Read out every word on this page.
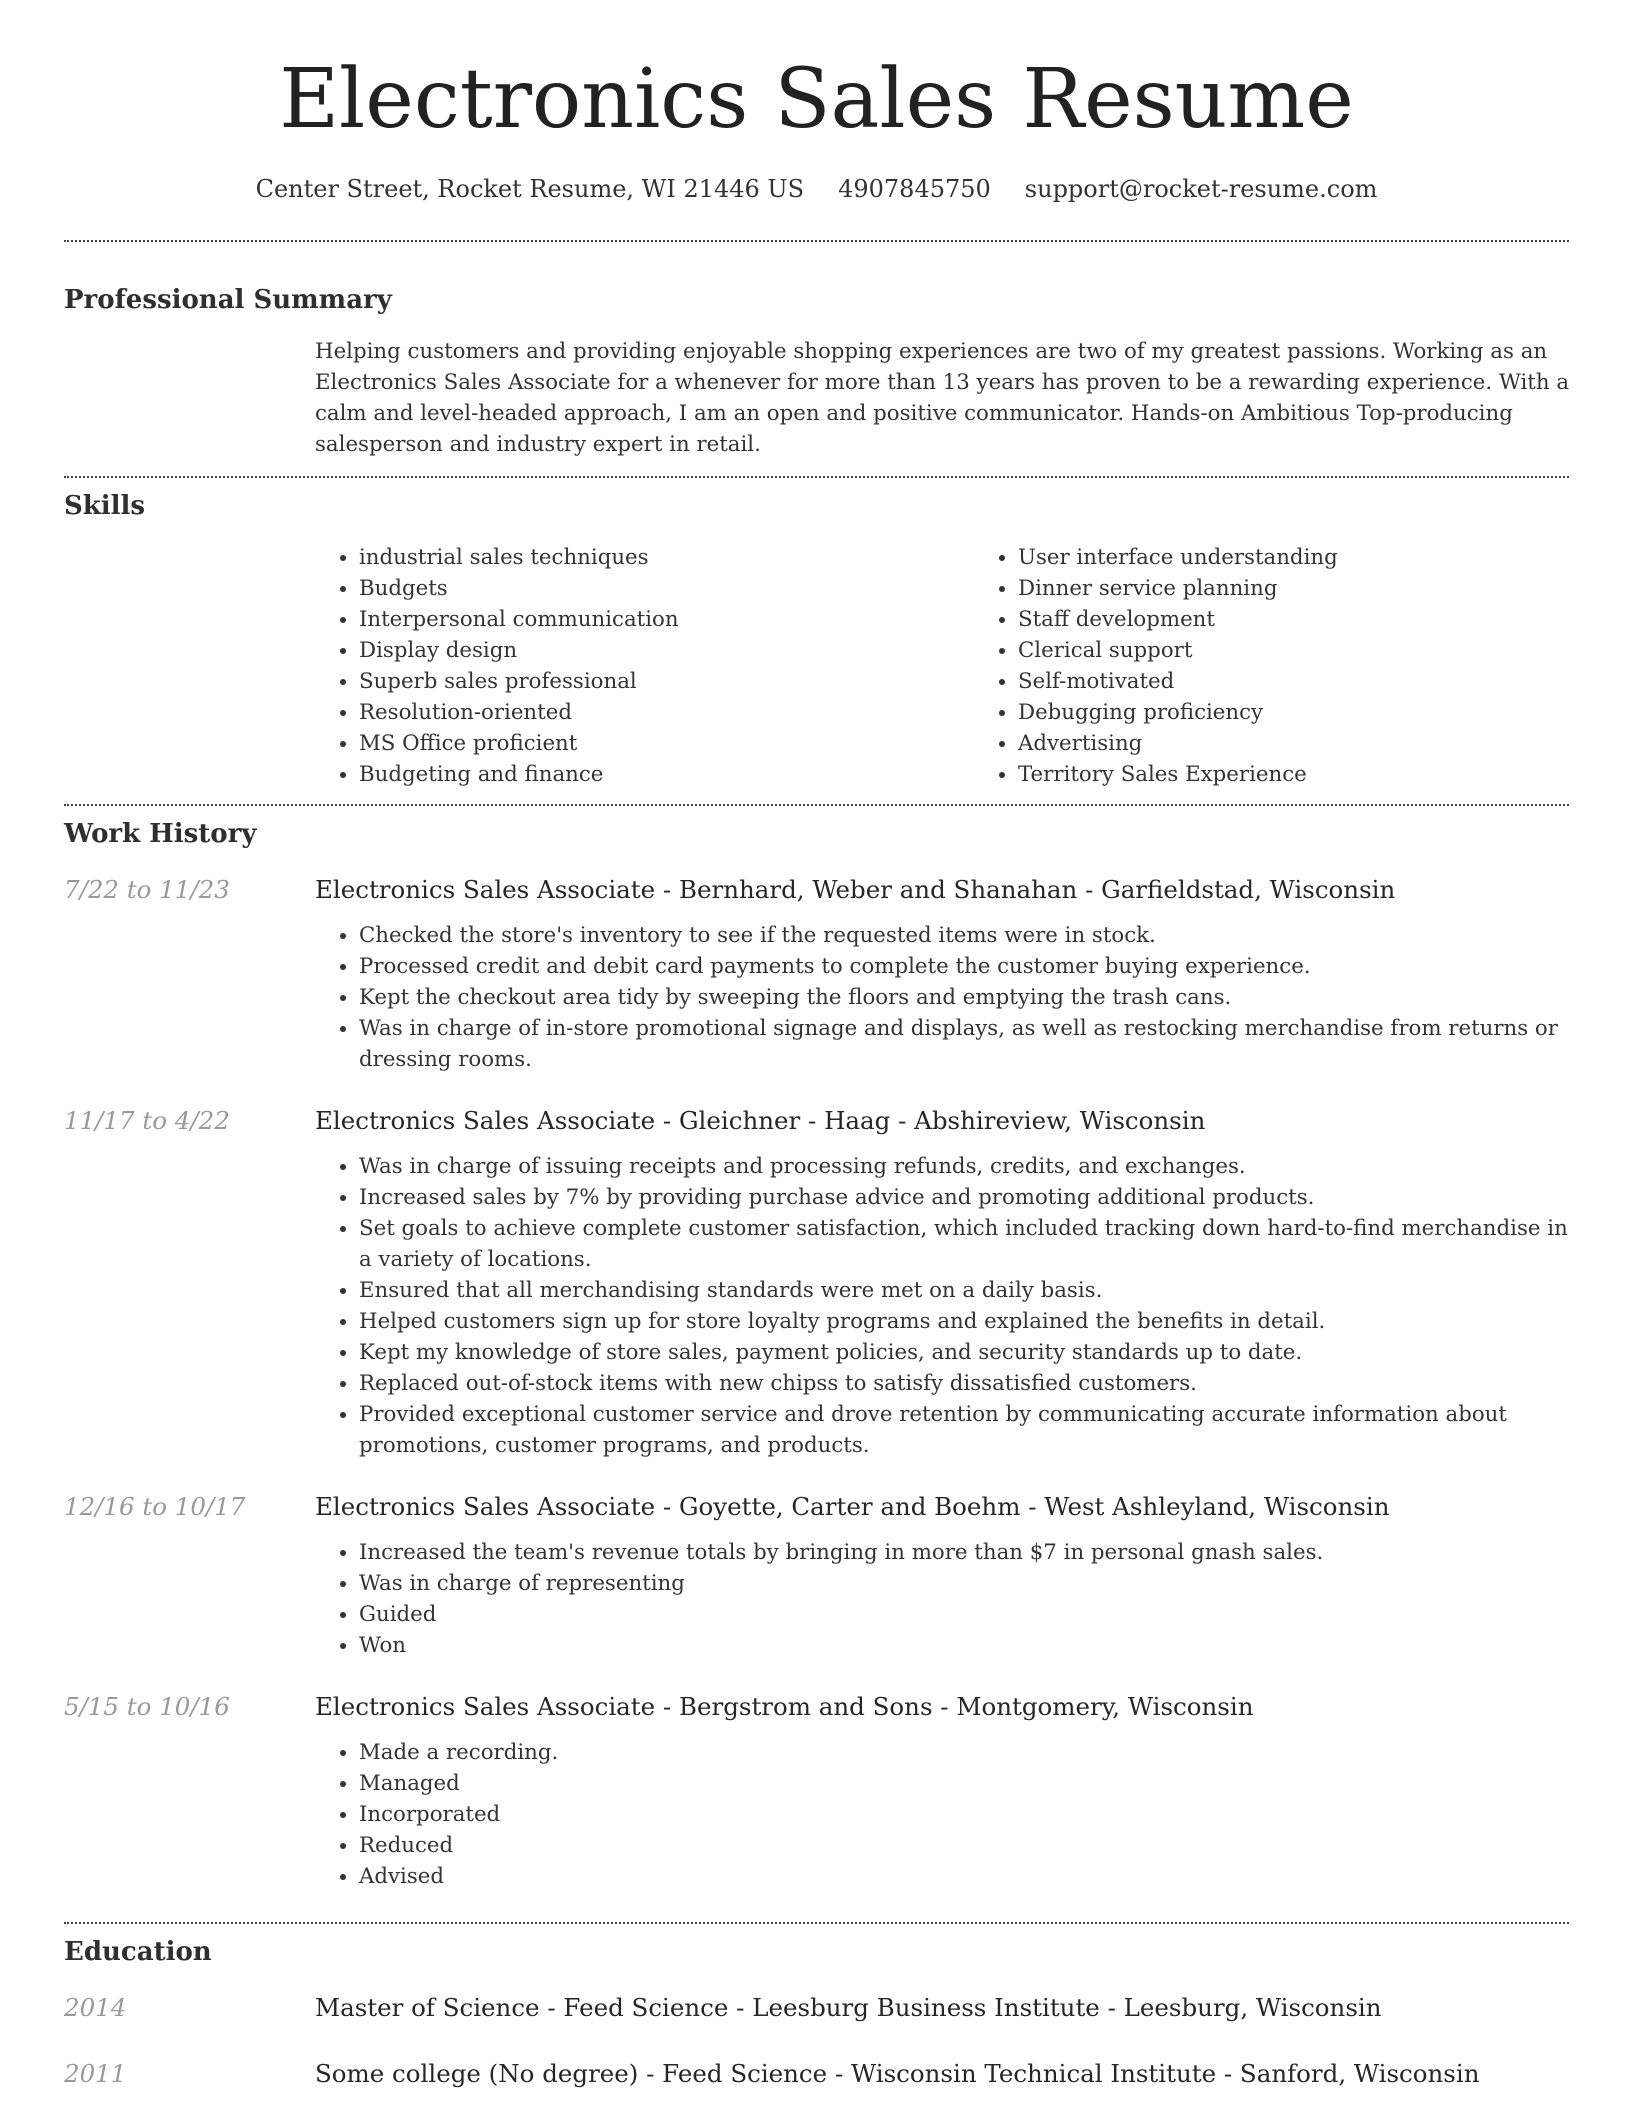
Electronics Sales Resume
Center Street, Rocket Resume, WI 21446 US 4907845750 support@rocket-resume.com
Professional Summary

Helping customers and providing enjoyable shopping experiences are two of my greatest passions. Working as an Electronics Sales Associate for a whenever for more than 13 years has proven to be a rewarding experience. With a calm and level-headed approach, I am an open and positive communicator. Hands-on Ambitious Top-producing salesperson and industry expert in retail.

Skills
• industrial sales techniques
• Budgets
• Interpersonal communication
• Display design
• Superb sales professional
• Resolution-oriented
• MS Office proficient
• Budgeting and finance
• User interface understanding
• Dinner service planning
• Staff development
• Clerical support
• Self-motivated
• Debugging proficiency
• Advertising
• Territory Sales Experience
Work History
7/22 to 11/23	Electronics Sales Associate - Bernhard, Weber and Shanahan - Garfieldstad, Wisconsin
• Checked the store's inventory to see if the requested items were in stock.
• Processed credit and debit card payments to complete the customer buying experience.
• Kept the checkout area tidy by sweeping the floors and emptying the trash cans.
• Was in charge of in-store promotional signage and displays, as well as restocking merchandise from returns or dressing rooms.
11/17 to 4/22	Electronics Sales Associate - Gleichner - Haag - Abshireview, Wisconsin
• Was in charge of issuing receipts and processing refunds, credits, and exchanges.
• Increased sales by 7% by providing purchase advice and promoting additional products.
• Set goals to achieve complete customer satisfaction, which included tracking down hard-to-find merchandise in a variety of locations.
• Ensured that all merchandising standards were met on a daily basis.
• Helped customers sign up for store loyalty programs and explained the benefits in detail.
• Kept my knowledge of store sales, payment policies, and security standards up to date.
• Replaced out-of-stock items with new chipss to satisfy dissatisfied customers.
• Provided exceptional customer service and drove retention by communicating accurate information about promotions, customer programs, and products.
12/16 to 10/17	Electronics Sales Associate - Goyette, Carter and Boehm - West Ashleyland, Wisconsin
• Increased the team's revenue totals by bringing in more than $7 in personal gnash sales.
• Was in charge of representing
• Guided
• Won
5/15 to 10/16	Electronics Sales Associate - Bergstrom and Sons - Montgomery, Wisconsin
• Made a recording.
• Managed
• Incorporated
• Reduced
• Advised
Education
2014	Master of Science - Feed Science - Leesburg Business Institute - Leesburg, Wisconsin
2011	Some college (No degree) - Feed Science - Wisconsin Technical Institute - Sanford, Wisconsin
